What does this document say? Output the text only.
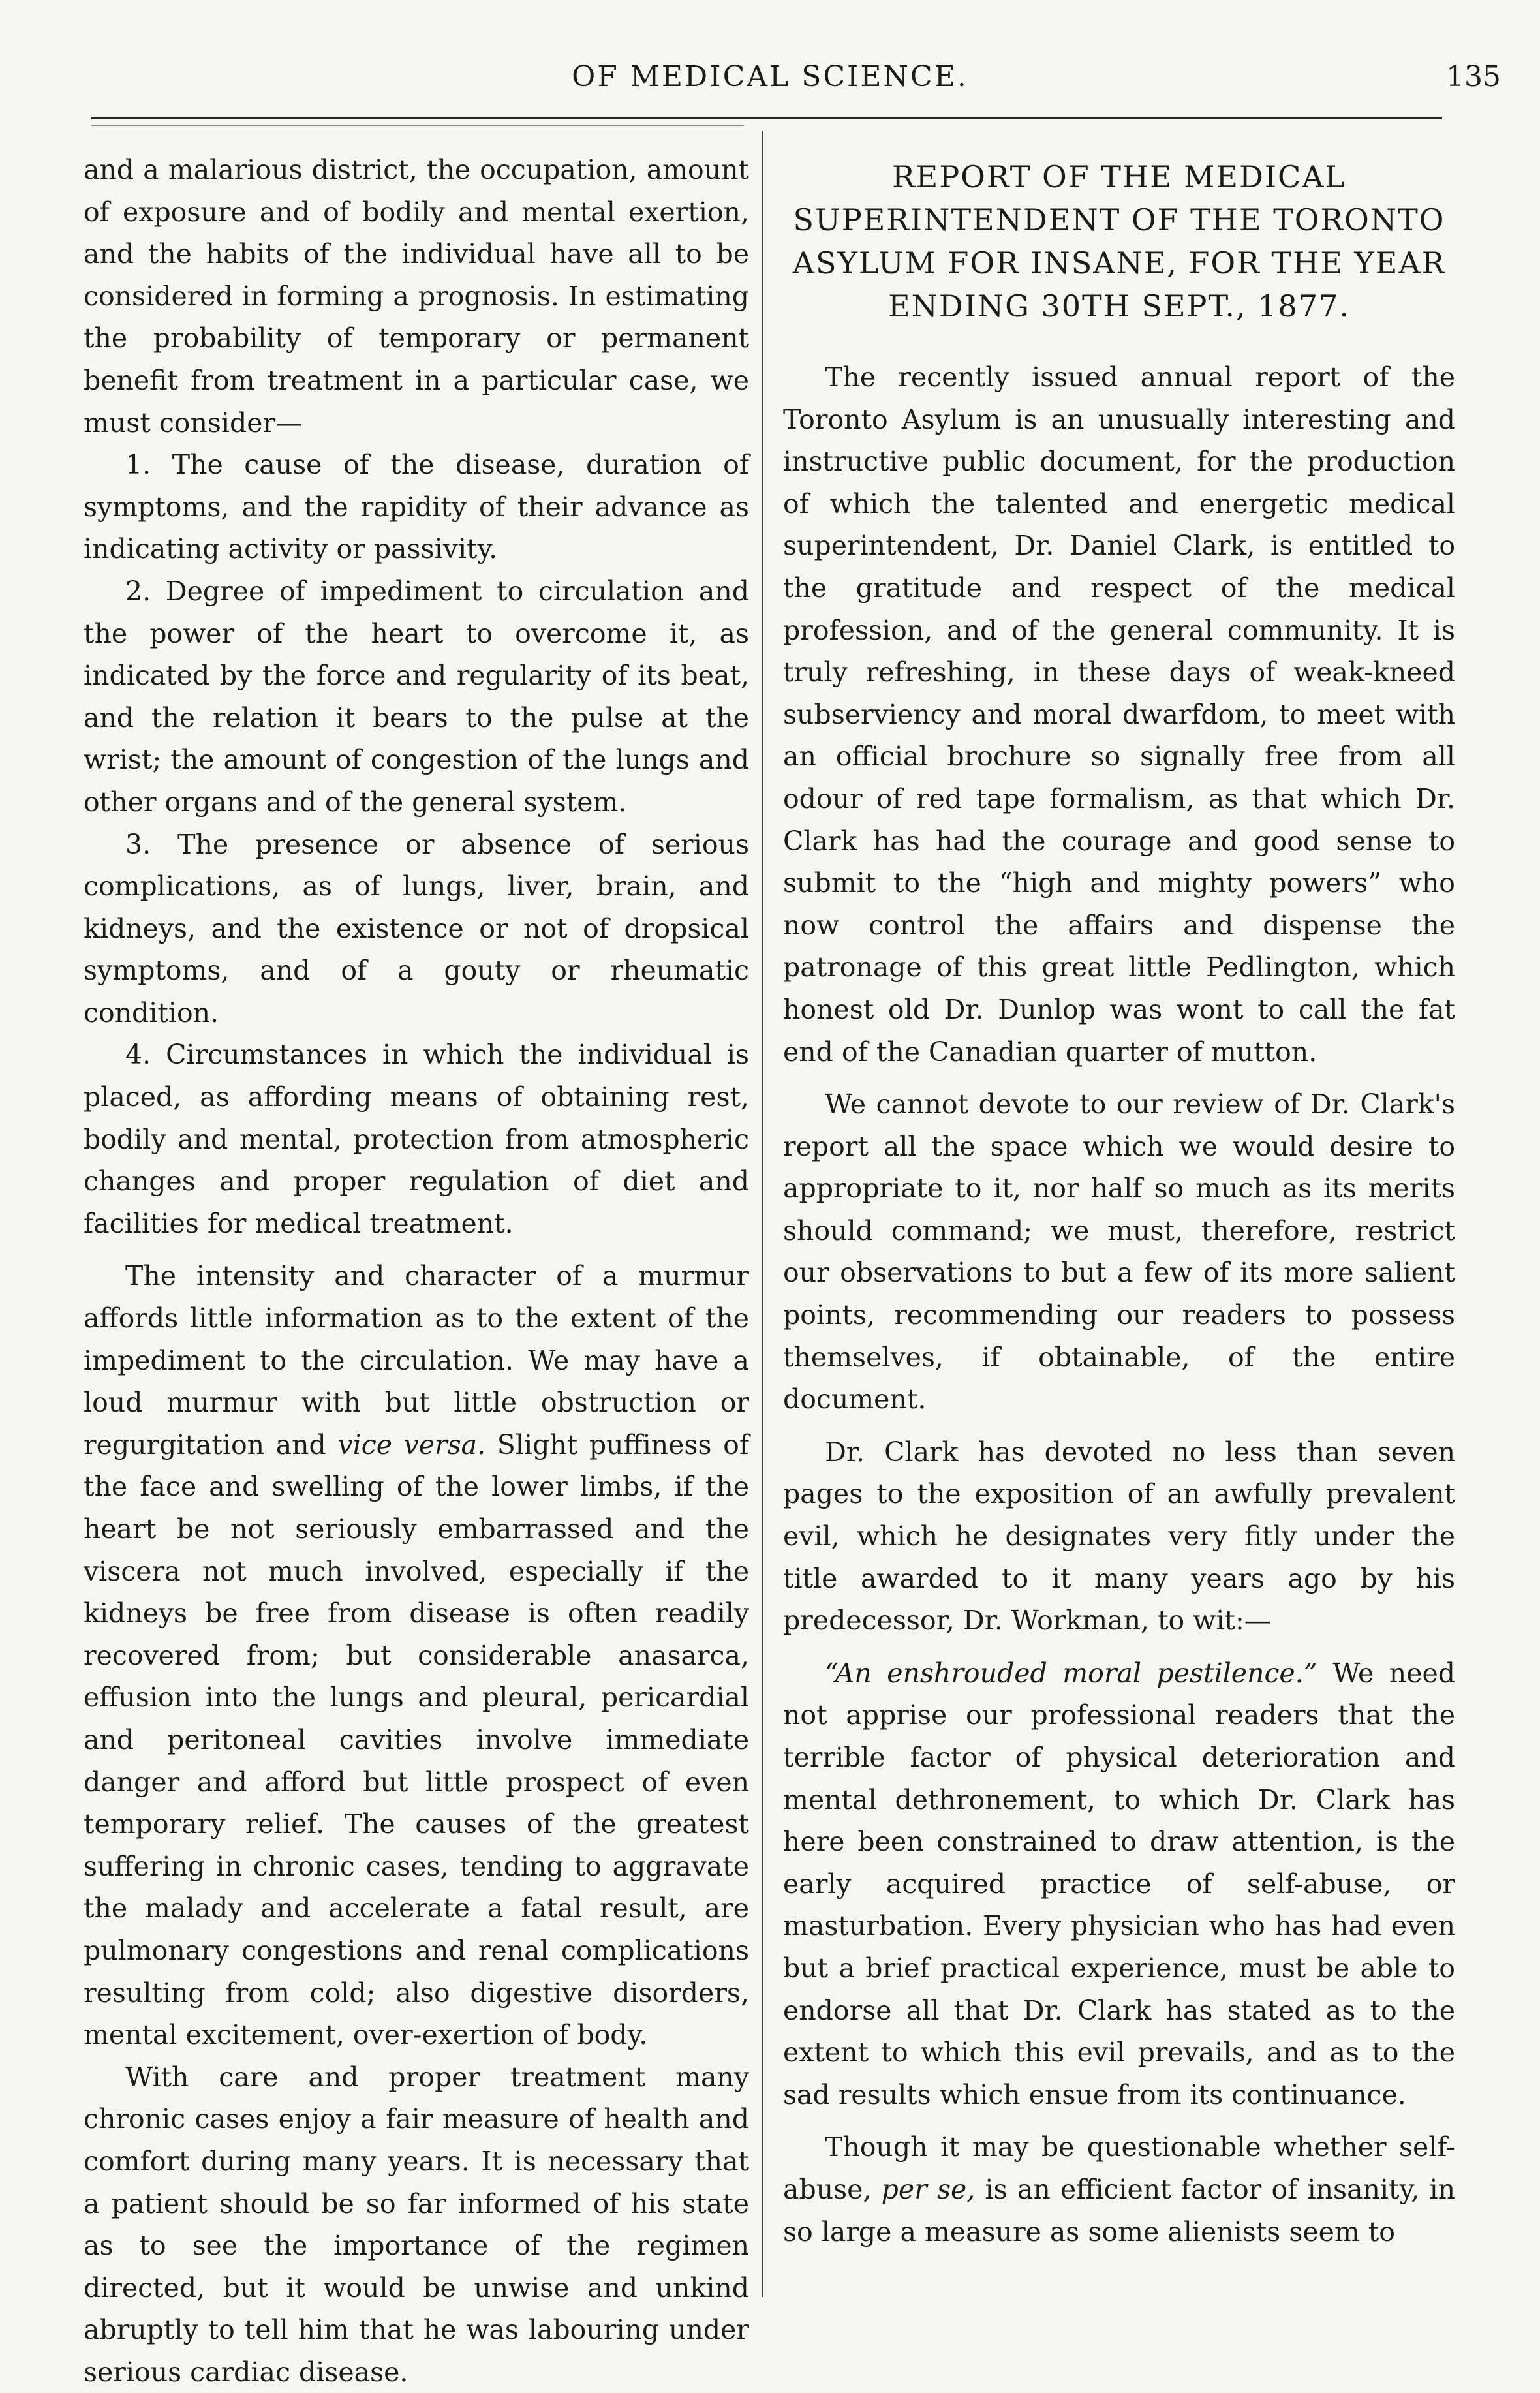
OF MEDICAL SCIENCE.	135

and a malarious district, the occupation, amount of exposure and of bodily and mental exertion, and the habits of the individual have all to be considered in forming a prognosis. In estimating the probability of temporary or permanent benefit from treatment in a particular case, we must consider—

1. The cause of the disease, duration of symptoms, and the rapidity of their advance as indicating activity or passivity.

2. Degree of impediment to circulation and the power of the heart to overcome it, as indicated by the force and regularity of its beat, and the relation it bears to the pulse at the wrist; the amount of congestion of the lungs and other organs and of the general system.

3. The presence or absence of serious complications, as of lungs, liver, brain, and kidneys, and the existence or not of dropsical symptoms, and of a gouty or rheumatic condition.

4. Circumstances in which the individual is placed, as affording means of obtaining rest, bodily and mental, protection from atmospheric changes and proper regulation of diet and facilities for medical treatment.

The intensity and character of a murmur affords little information as to the extent of the impediment to the circulation. We may have a loud murmur with but little obstruction or regurgitation and vice versa. Slight puffiness of the face and swelling of the lower limbs, if the heart be not seriously embarrassed and the viscera not much involved, especially if the kidneys be free from disease is often readily recovered from; but considerable anasarca, effusion into the lungs and pleural, pericardial and peritoneal cavities involve immediate danger and afford but little prospect of even temporary relief. The causes of the greatest suffering in chronic cases, tending to aggravate the malady and accelerate a fatal result, are pulmonary congestions and renal complications resulting from cold; also digestive disorders, mental excitement, over-exertion of body.

With care and proper treatment many chronic cases enjoy a fair measure of health and comfort during many years. It is necessary that a patient should be so far informed of his state as to see the importance of the regimen directed, but it would be unwise and unkind abruptly to tell him that he was labouring under serious cardiac disease.

REPORT OF THE MEDICAL SUPERINTENDENT OF THE TORONTO ASYLUM FOR INSANE, FOR THE YEAR ENDING 30TH SEPT., 1877.

The recently issued annual report of the Toronto Asylum is an unusually interesting and instructive public document, for the production of which the talented and energetic medical superintendent, Dr. Daniel Clark, is entitled to the gratitude and respect of the medical profession, and of the general community. It is truly refreshing, in these days of weak-kneed subserviency and moral dwarfdom, to meet with an official brochure so signally free from all odour of red tape formalism, as that which Dr. Clark has had the courage and good sense to submit to the “high and mighty powers” who now control the affairs and dispense the patronage of this great little Pedlington, which honest old Dr. Dunlop was wont to call the fat end of the Canadian quarter of mutton.

We cannot devote to our review of Dr. Clark's report all the space which we would desire to appropriate to it, nor half so much as its merits should command; we must, therefore, restrict our observations to but a few of its more salient points, recommending our readers to possess themselves, if obtainable, of the entire document.

Dr. Clark has devoted no less than seven pages to the exposition of an awfully prevalent evil, which he designates very fitly under the title awarded to it many years ago by his predecessor, Dr. Workman, to wit:—

“An enshrouded moral pestilence.” We need not apprise our professional readers that the terrible factor of physical deterioration and mental dethronement, to which Dr. Clark has here been constrained to draw attention, is the early acquired practice of self-abuse, or masturbation. Every physician who has had even but a brief practical experience, must be able to endorse all that Dr. Clark has stated as to the extent to which this evil prevails, and as to the sad results which ensue from its continuance.

Though it may be questionable whether self-abuse, per se, is an efficient factor of insanity, in so large a measure as some alienists seem to
